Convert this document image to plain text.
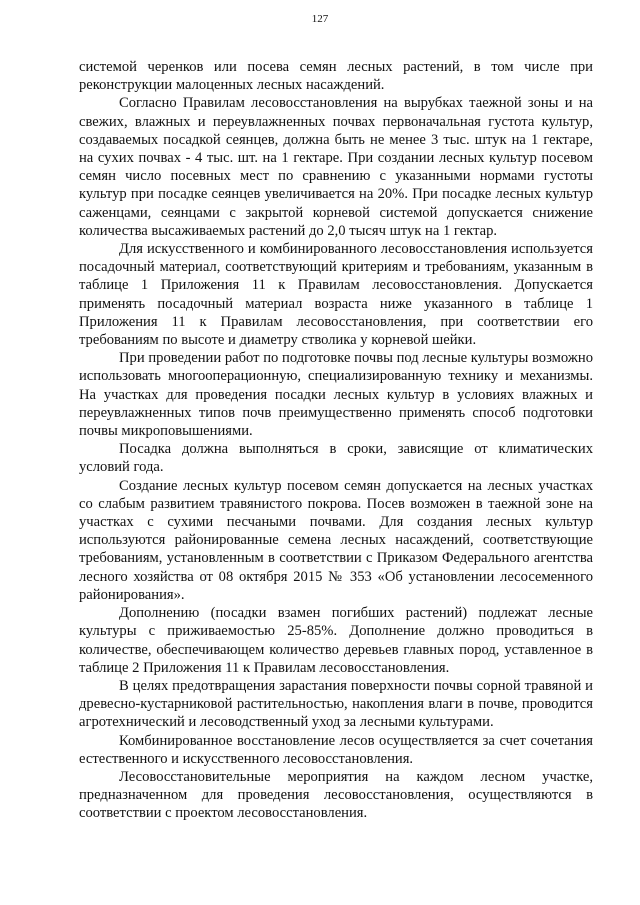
127

системой черенков или посева семян лесных растений, в том числе при реконструкции малоценных лесных насаждений.

Согласно Правилам лесовосстановления на вырубках таежной зоны и на свежих, влажных и переувлажненных почвах первоначальная густота культур, создаваемых посадкой сеянцев, должна быть не менее 3 тыс. штук на 1 гектаре, на сухих почвах - 4 тыс. шт. на 1 гектаре. При создании лесных культур посевом семян число посевных мест по сравнению с указанными нормами густоты культур при посадке сеянцев увеличивается на 20%. При посадке лесных культур саженцами, сеянцами с закрытой корневой системой допускается снижение количества высаживаемых растений до 2,0 тысяч штук на 1 гектар.

Для искусственного и комбинированного лесовосстановления используется посадочный материал, соответствующий критериям и требованиям, указанным в таблице 1 Приложения 11 к Правилам лесовосстановления. Допускается применять посадочный материал возраста ниже указанного в таблице 1 Приложения 11 к Правилам лесовосстановления, при соответствии его требованиям по высоте и диаметру стволика у корневой шейки.

При проведении работ по подготовке почвы под лесные культуры возможно использовать многооперационную, специализированную технику и механизмы. На участках для проведения посадки лесных культур в условиях влажных и переувлажненных типов почв преимущественно применять способ подготовки почвы микроповышениями.

Посадка должна выполняться в сроки, зависящие от климатических условий года.

Создание лесных культур посевом семян допускается на лесных участках со слабым развитием травянистого покрова. Посев возможен в таежной зоне на участках с сухими песчаными почвами. Для создания лесных культур используются районированные семена лесных насаждений, соответствующие требованиям, установленным в соответствии с Приказом Федерального агентства лесного хозяйства от 08 октября 2015 № 353 «Об установлении лесосеменного районирования».

Дополнению (посадки взамен погибших растений) подлежат лесные культуры с приживаемостью 25-85%. Дополнение должно проводиться в количестве, обеспечивающем количество деревьев главных пород, уставленное в таблице 2 Приложения 11 к Правилам лесовосстановления.

В целях предотвращения зарастания поверхности почвы сорной травяной и древесно-кустарниковой растительностью, накопления влаги в почве, проводится агротехнический и лесоводственный уход за лесными культурами.

Комбинированное восстановление лесов осуществляется за счет сочетания естественного и искусственного лесовосстановления.

Лесовосстановительные мероприятия на каждом лесном участке, предназначенном для проведения лесовосстановления, осуществляются в соответствии с проектом лесовосстановления.
